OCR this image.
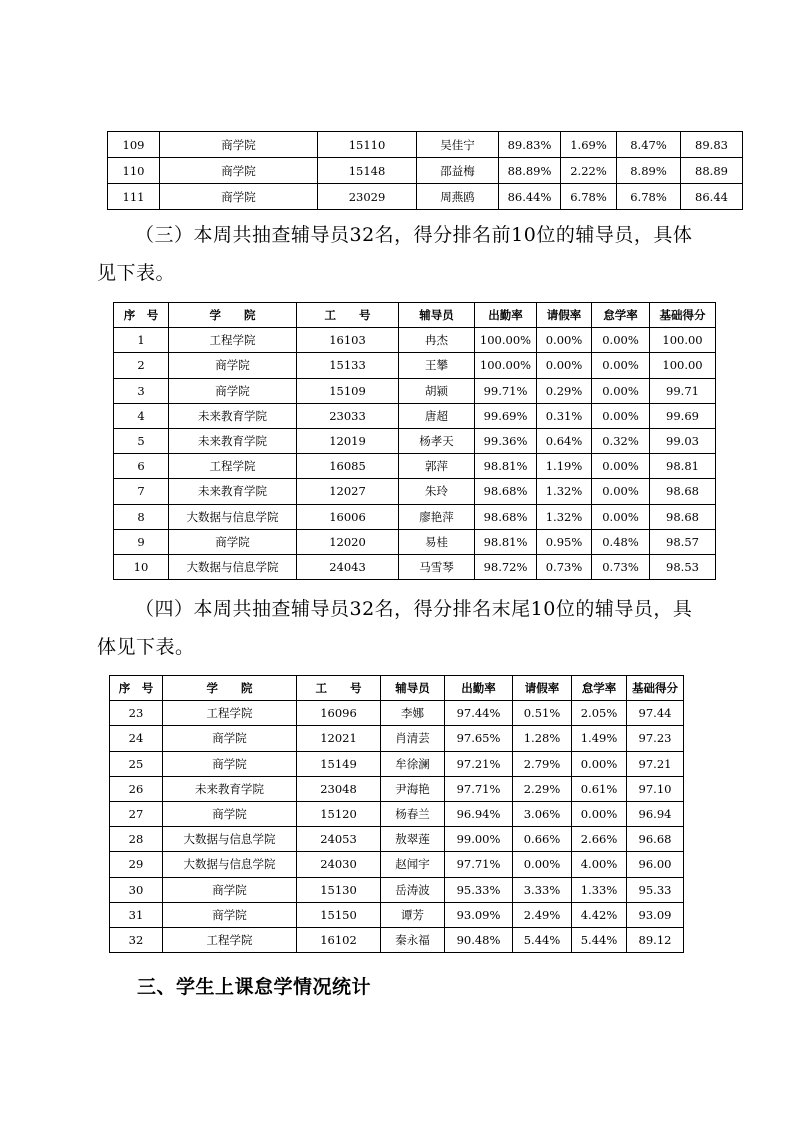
109	商学院	15110	吴佳宁	89.83%	1.69%	8.47%	89.83
110	商学院	15148	邵益梅	88.89%	2.22%	8.89%	88.89
111	商学院	23029	周燕鸥	86.44%	6.78%	6.78%	86.44

（三）本周共抽查辅导员32名，得分排名前10位的辅导员，具体见下表。

序　号	学　　院	工　　号	辅导员	出勤率	请假率	怠学率	基础得分
1	工程学院	16103	冉杰	100.00%	0.00%	0.00%	100.00
2	商学院	15133	王攀	100.00%	0.00%	0.00%	100.00
3	商学院	15109	胡颍	99.71%	0.29%	0.00%	99.71
4	未来教育学院	23033	唐超	99.69%	0.31%	0.00%	99.69
5	未来教育学院	12019	杨孝天	99.36%	0.64%	0.32%	99.03
6	工程学院	16085	郭萍	98.81%	1.19%	0.00%	98.81
7	未来教育学院	12027	朱玲	98.68%	1.32%	0.00%	98.68
8	大数据与信息学院	16006	廖艳萍	98.68%	1.32%	0.00%	98.68
9	商学院	12020	易桂	98.81%	0.95%	0.48%	98.57
10	大数据与信息学院	24043	马雪琴	98.72%	0.73%	0.73%	98.53

（四）本周共抽查辅导员32名，得分排名末尾10位的辅导员，具体见下表。

序　号	学　　院	工　　号	辅导员	出勤率	请假率	怠学率	基础得分
23	工程学院	16096	李娜	97.44%	0.51%	2.05%	97.44
24	商学院	12021	肖清芸	97.65%	1.28%	1.49%	97.23
25	商学院	15149	牟徐澜	97.21%	2.79%	0.00%	97.21
26	未来教育学院	23048	尹海艳	97.71%	2.29%	0.61%	97.10
27	商学院	15120	杨春兰	96.94%	3.06%	0.00%	96.94
28	大数据与信息学院	24053	敖翠莲	99.00%	0.66%	2.66%	96.68
29	大数据与信息学院	24030	赵闻宇	97.71%	0.00%	4.00%	96.00
30	商学院	15130	岳涛波	95.33%	3.33%	1.33%	95.33
31	商学院	15150	谭芳	93.09%	2.49%	4.42%	93.09
32	工程学院	16102	秦永福	90.48%	5.44%	5.44%	89.12
三、学生上课怠学情况统计
